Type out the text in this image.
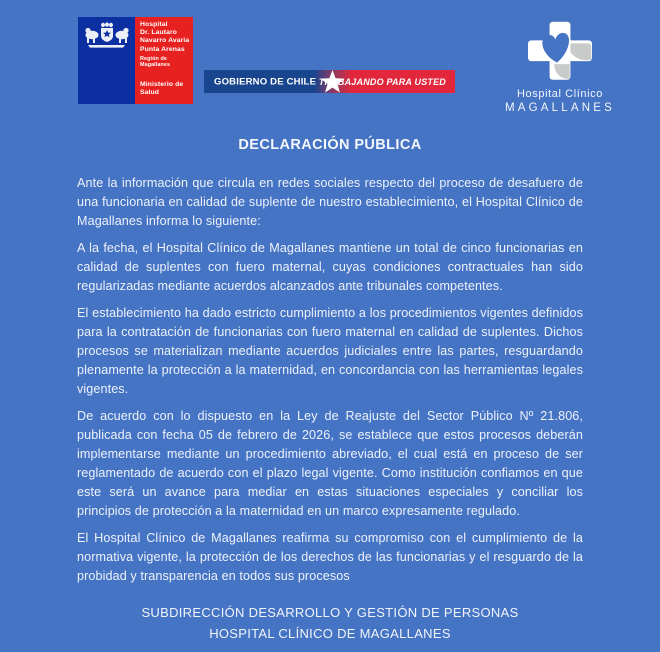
Hospital
Dr. Lautaro
Navarro Avaria
Punta Arenas
Región de
Magallanes
Ministerio de
Salud
GOBIERNO DE CHILE TRABAJANDO PARA USTED
Hospital Clínico
MAGALLANES
DECLARACIÓN PÚBLICA

Ante la información que circula en redes sociales respecto del proceso de desafuero de una funcionaria en calidad de suplente de nuestro establecimiento, el Hospital Clínico de Magallanes informa lo siguiente:

A la fecha, el Hospital Clínico de Magallanes mantiene un total de cinco funcionarias en calidad de suplentes con fuero maternal, cuyas condiciones contractuales han sido regularizadas mediante acuerdos alcanzados ante tribunales competentes.

El establecimiento ha dado estricto cumplimiento a los procedimientos vigentes definidos para la contratación de funcionarias con fuero maternal en calidad de suplentes. Dichos procesos se materializan mediante acuerdos judiciales entre las partes, resguardando plenamente la protección a la maternidad, en concordancia con las herramientas legales vigentes.

De acuerdo con lo dispuesto en la Ley de Reajuste del Sector Público Nº 21.806, publicada con fecha 05 de febrero de 2026, se establece que estos procesos deberán implementarse mediante un procedimiento abreviado, el cual está en proceso de ser reglamentado de acuerdo con el plazo legal vigente. Como institución confiamos en que este será un avance para mediar en estas situaciones especiales y conciliar los principios de protección a la maternidad en un marco expresamente regulado.

El Hospital Clínico de Magallanes reafirma su compromiso con el cumplimiento de la normativa vigente, la protección de los derechos de las funcionarias y el resguardo de la probidad y transparencia en todos sus procesos

SUBDIRECCIÓN DESARROLLO Y GESTIÓN DE PERSONAS
HOSPITAL CLÍNICO DE MAGALLANES
